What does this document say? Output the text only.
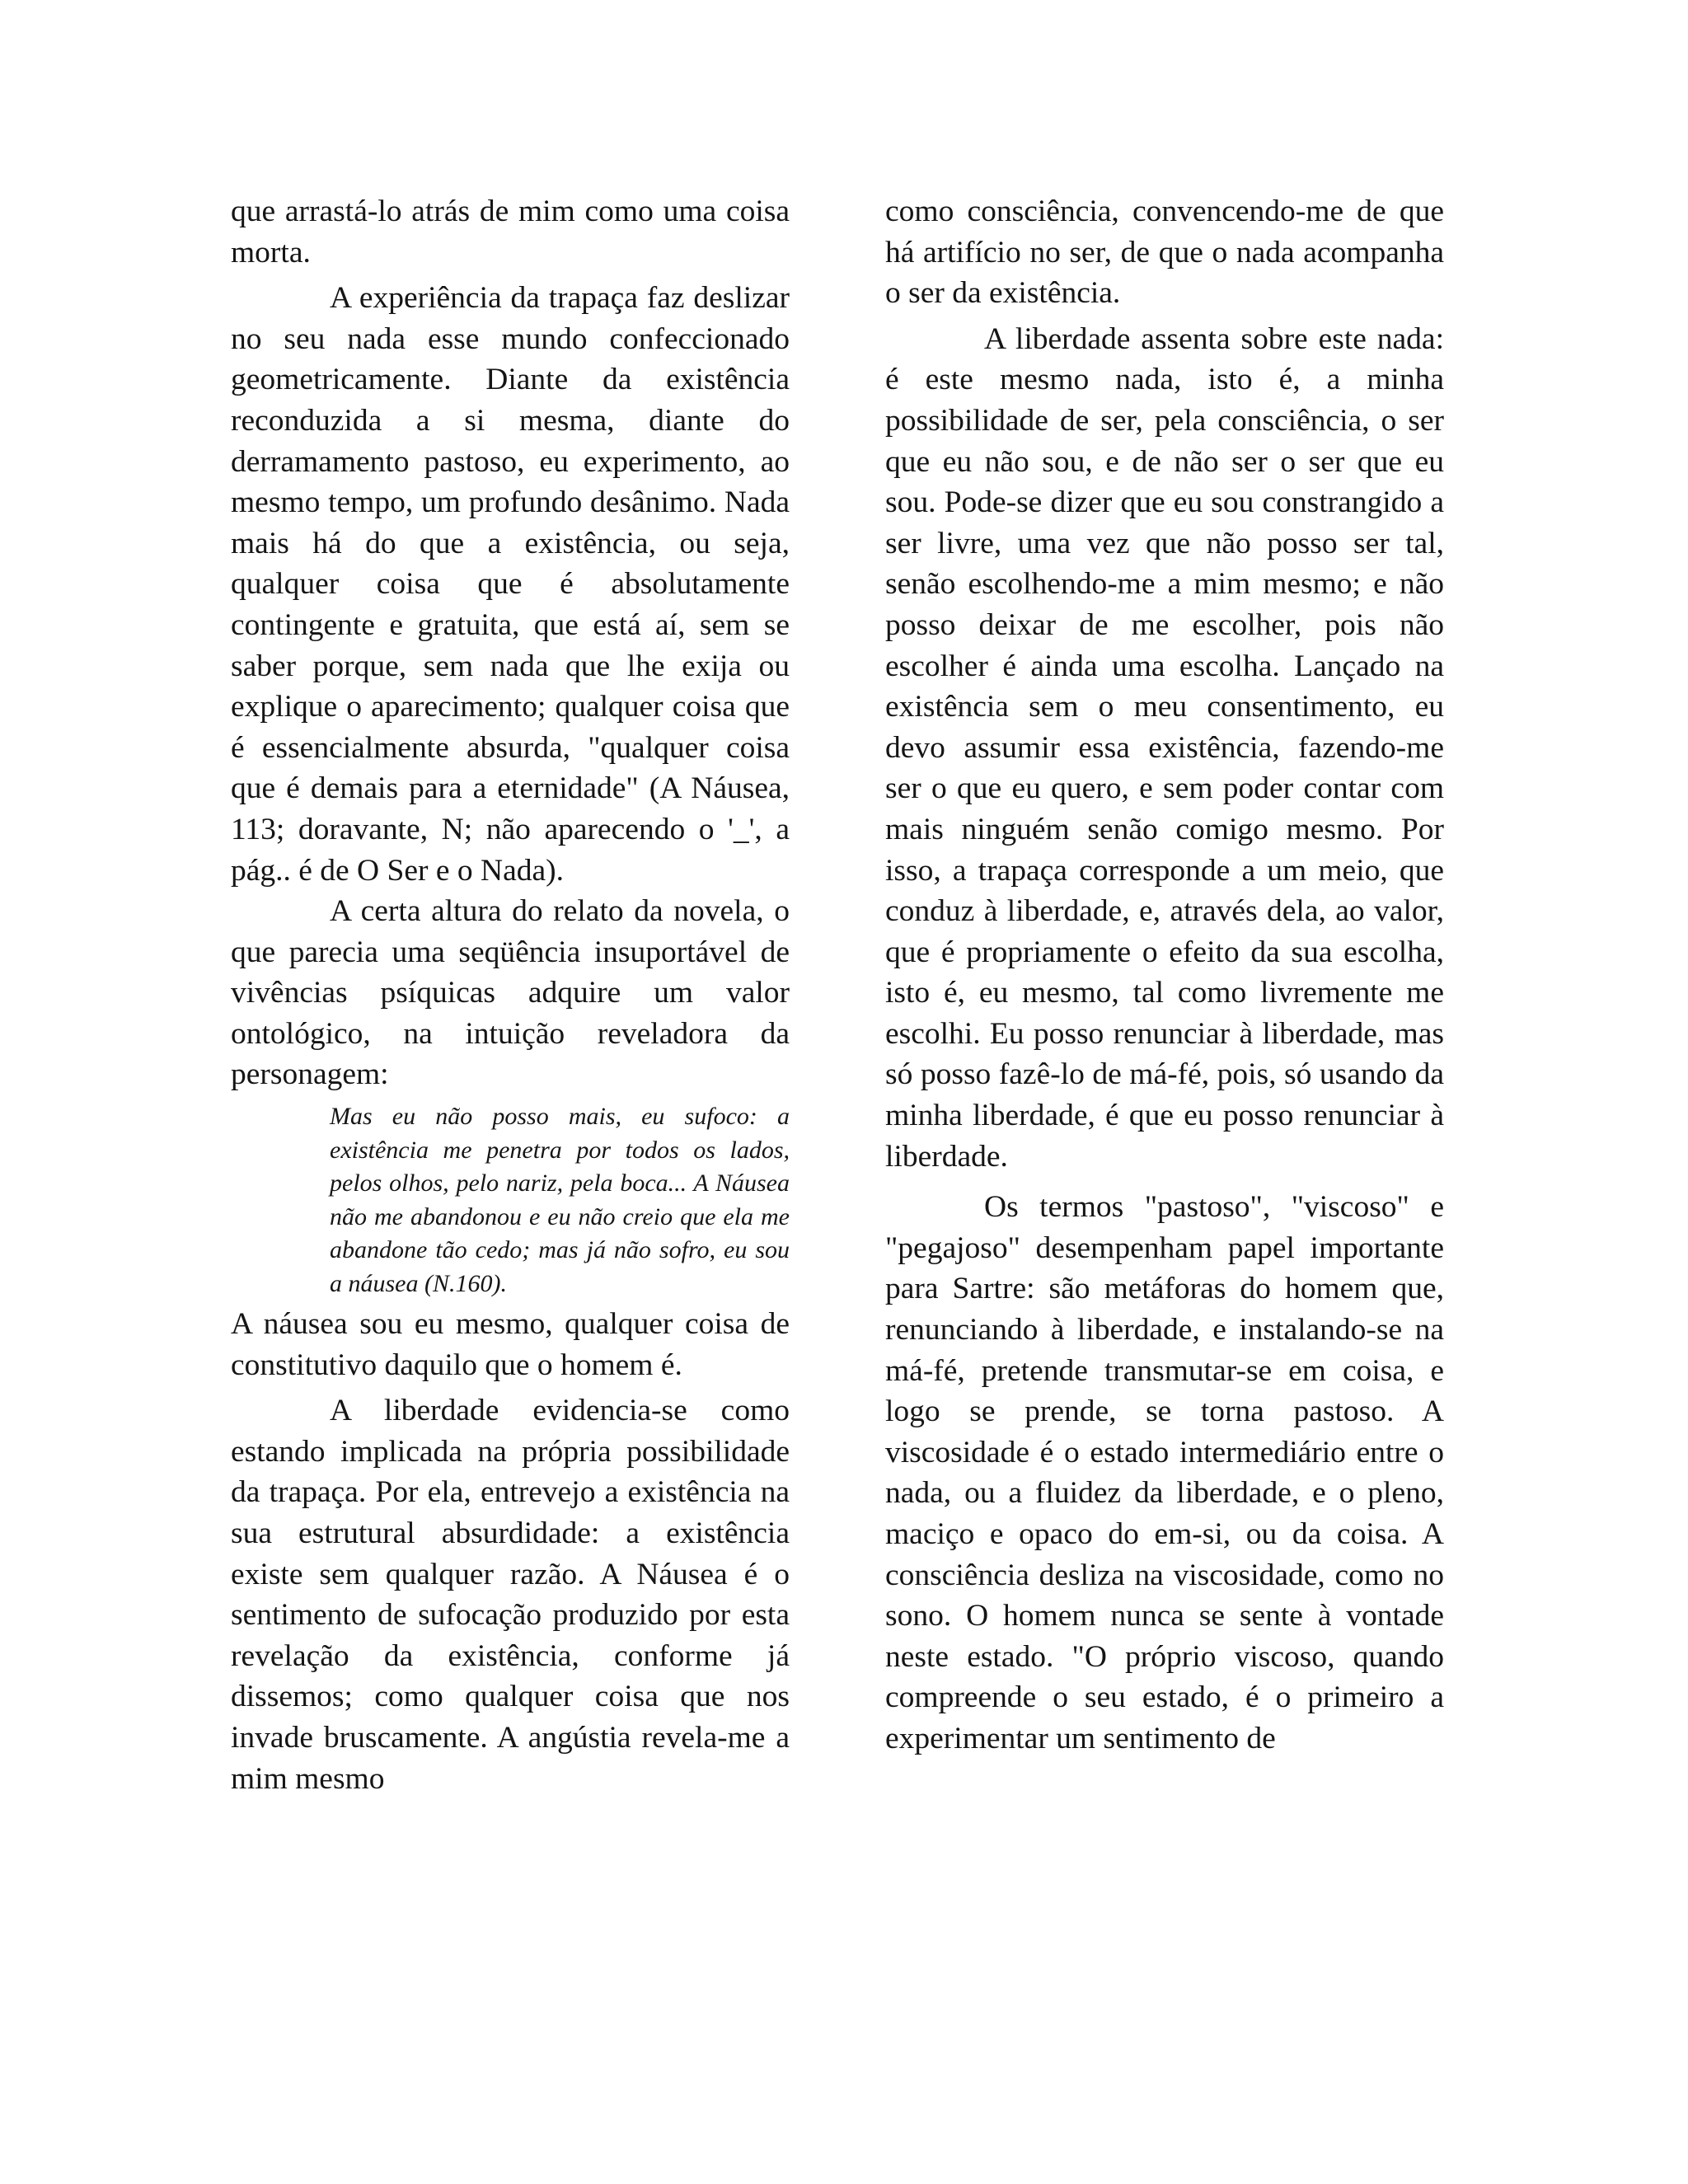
que arrastá-lo atrás de mim como uma coisa morta.

A experiência da trapaça faz deslizar no seu nada esse mundo confeccionado geometricamente. Diante da existência reconduzida a si mesma, diante do derramamento pastoso, eu experimento, ao mesmo tempo, um profundo desânimo. Nada mais há do que a existência, ou seja, qualquer coisa que é absolutamente contingente e gratuita, que está aí, sem se saber porque, sem nada que lhe exija ou explique o aparecimento; qualquer coisa que é essencialmente absurda, "qualquer coisa que é demais para a eternidade" (A Náusea, 113; doravante, N; não aparecendo o '_', a pág.. é de O Ser e o Nada).

A certa altura do relato da novela, o que parecia uma seqüência insuportável de vivências psíquicas adquire um valor ontológico, na intuição reveladora da personagem:

Mas eu não posso mais, eu sufoco: a existência me penetra por todos os lados, pelos olhos, pelo nariz, pela boca... A Náusea não me abandonou e eu não creio que ela me abandone tão cedo; mas já não sofro, eu sou a náusea (N.160).

A náusea sou eu mesmo, qualquer coisa de constitutivo daquilo que o homem é.

A liberdade evidencia-se como estando implicada na própria possibilidade da trapaça. Por ela, entrevejo a existência na sua estrutural absurdidade: a existência existe sem qualquer razão. A Náusea é o sentimento de sufocação produzido por esta revelação da existência, conforme já dissemos; como qualquer coisa que nos invade bruscamente. A angústia revela-me a mim mesmo

como consciência, convencendo-me de que há artifício no ser, de que o nada acompanha o ser da existência.

A liberdade assenta sobre este nada: é este mesmo nada, isto é, a minha possibilidade de ser, pela consciência, o ser que eu não sou, e de não ser o ser que eu sou. Pode-se dizer que eu sou constrangido a ser livre, uma vez que não posso ser tal, senão escolhendo-me a mim mesmo; e não posso deixar de me escolher, pois não escolher é ainda uma escolha. Lançado na existência sem o meu consentimento, eu devo assumir essa existência, fazendo-me ser o que eu quero, e sem poder contar com mais ninguém senão comigo mesmo. Por isso, a trapaça corresponde a um meio, que conduz à liberdade, e, através dela, ao valor, que é propriamente o efeito da sua escolha, isto é, eu mesmo, tal como livremente me escolhi. Eu posso renunciar à liberdade, mas só posso fazê-lo de má-fé, pois, só usando da minha liberdade, é que eu posso renunciar à liberdade.

Os termos "pastoso", "viscoso" e "pegajoso" desempenham papel importante para Sartre: são metáforas do homem que, renunciando à liberdade, e instalando-se na má-fé, pretende transmutar-se em coisa, e logo se prende, se torna pastoso. A viscosidade é o estado intermediário entre o nada, ou a fluidez da liberdade, e o pleno, maciço e opaco do em-si, ou da coisa. A consciência desliza na viscosidade, como no sono. O homem nunca se sente à vontade neste estado. "O próprio viscoso, quando compreende o seu estado, é o primeiro a experimentar um sentimento de
